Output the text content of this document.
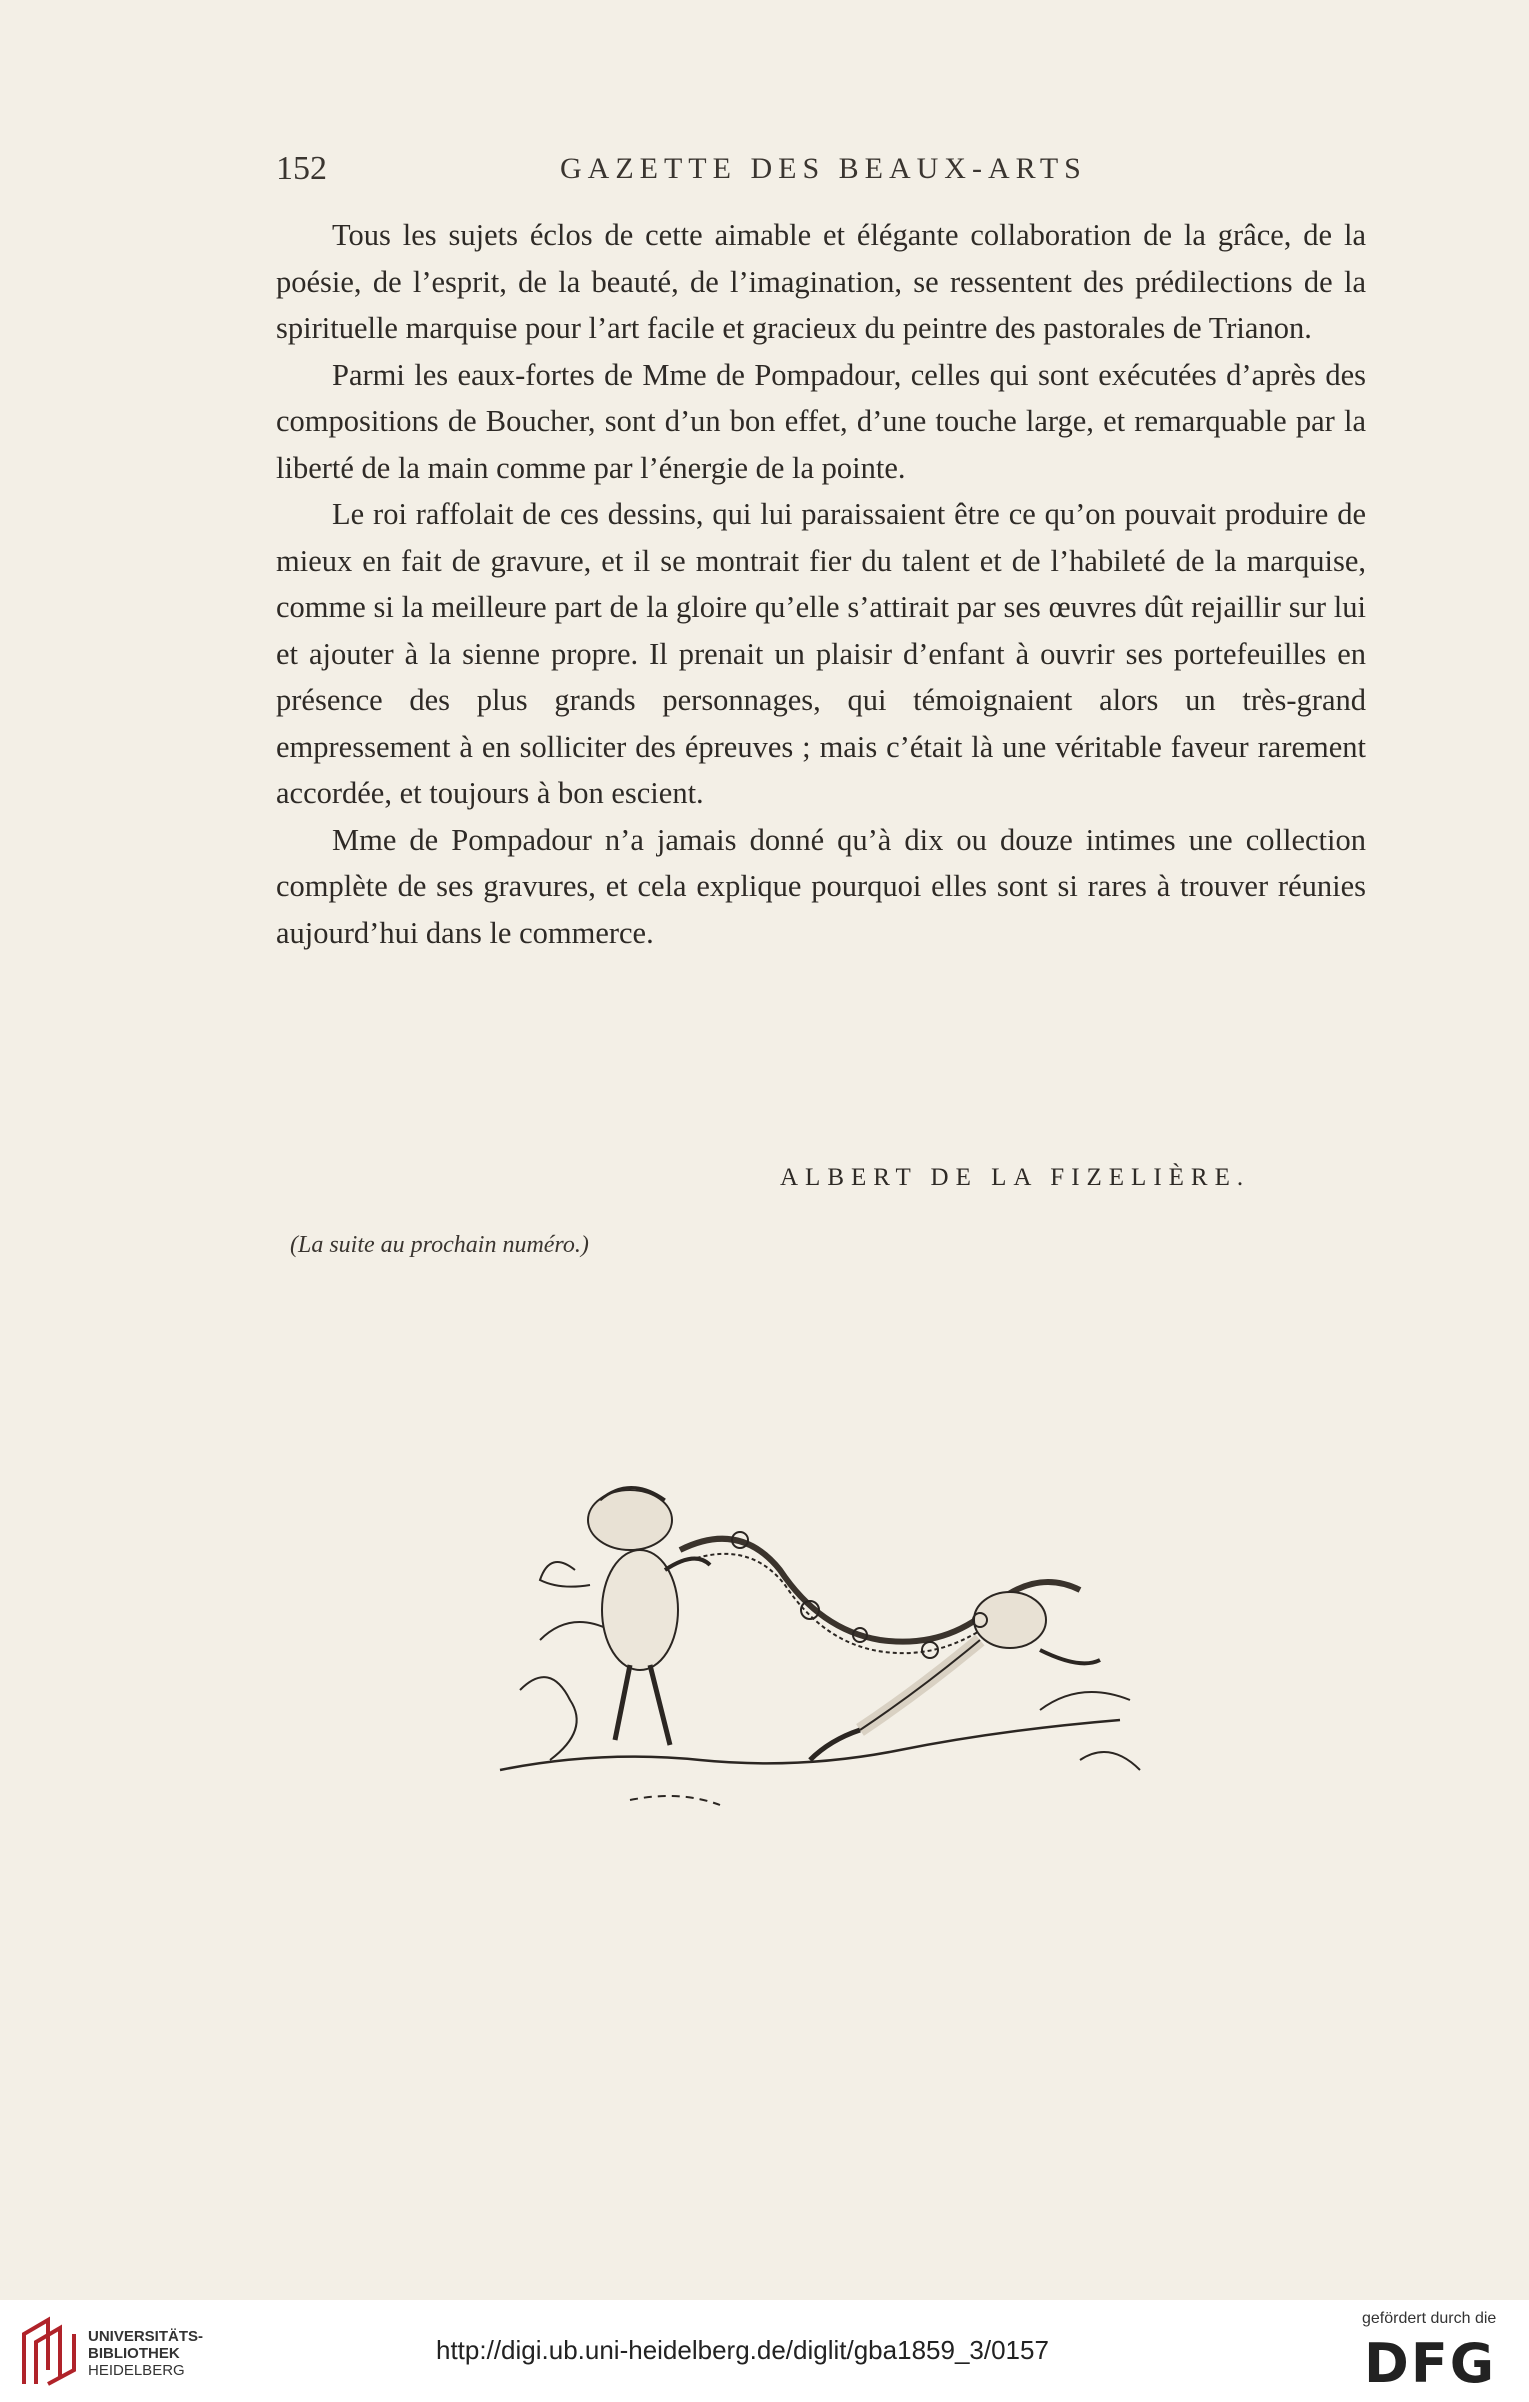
152	GAZETTE DES BEAUX-ARTS

Tous les sujets éclos de cette aimable et élégante collaboration de la grâce, de la poésie, de l’esprit, de la beauté, de l’imagination, se ressentent des prédilections de la spirituelle marquise pour l’art facile et gracieux du peintre des pastorales de Trianon.

Parmi les eaux-fortes de Mme de Pompadour, celles qui sont exécutées d’après des compositions de Boucher, sont d’un bon effet, d’une touche large, et remarquable par la liberté de la main comme par l’énergie de la pointe.

Le roi raffolait de ces dessins, qui lui paraissaient être ce qu’on pouvait produire de mieux en fait de gravure, et il se montrait fier du talent et de l’habileté de la marquise, comme si la meilleure part de la gloire qu’elle s’attirait par ses œuvres dût rejaillir sur lui et ajouter à la sienne propre. Il prenait un plaisir d’enfant à ouvrir ses portefeuilles en présence des plus grands personnages, qui témoignaient alors un très-grand empressement à en solliciter des épreuves ; mais c’était là une véritable faveur rarement accordée, et toujours à bon escient.

Mme de Pompadour n’a jamais donné qu’à dix ou douze intimes une collection complète de ses gravures, et cela explique pourquoi elles sont si rares à trouver réunies aujourd’hui dans le commerce.

ALBERT DE LA FIZELIÈRE.
(La suite au prochain numéro.)
UNIVERSITÄTS-
BIBLIOTHEK
HEIDELBERG
http://digi.ub.uni-heidelberg.de/diglit/gba1859_3/0157
gefördert durch die
DFG
